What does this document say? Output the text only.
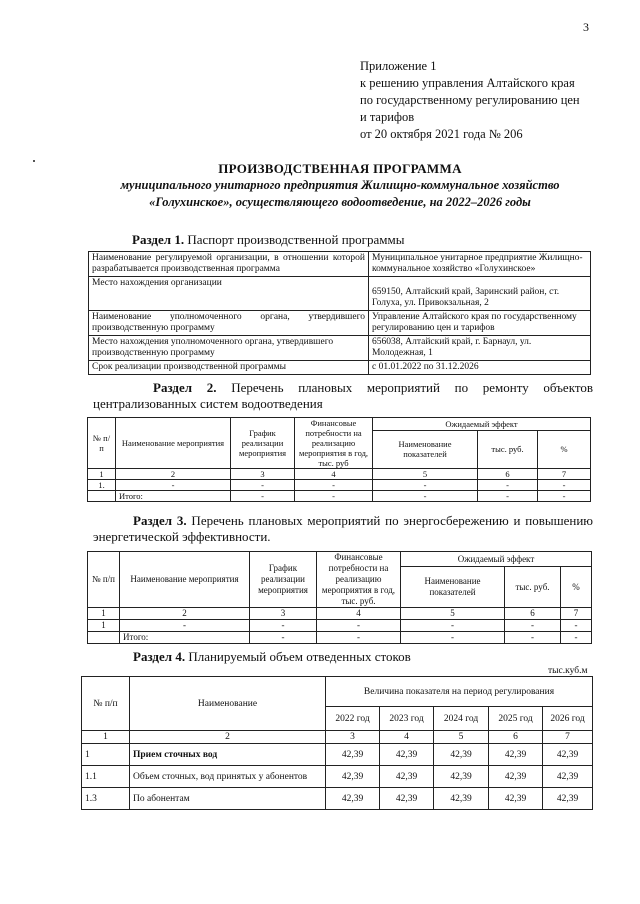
3
Приложение 1
к решению управления Алтайского края
по государственному регулированию цен
и тарифов
от 20 октября 2021 года № 206
ПРОИЗВОДСТВЕННАЯ ПРОГРАММА
муниципального унитарного предприятия Жилищно-коммунальное хозяйство
«Голухинское», осуществляющего водоотведение, на 2022–2026 годы
Раздел 1. Паспорт производственной программы
Наименование регулируемой организации, в отношении которой разрабатывается производственная программа	Муниципальное унитарное предприятие Жилищно-коммунальное хозяйство «Голухинское»
Место нахождения организации	659150, Алтайский край, Заринский район, ст. Голуха, ул. Привокзальная, 2
Наименование уполномоченного органа, утвердившего производственную программу	Управление Алтайского края по государственному регулированию цен и тарифов
Место нахождения уполномоченного органа, утвердившего производственную программу	656038, Алтайский край, г. Барнаул, ул. Молодежная, 1
Срок реализации производственной программы	с 01.01.2022 по 31.12.2026
Раздел 2. Перечень плановых мероприятий по ремонту объектов централизованных систем водоотведения
№ п/п	Наименование мероприятия	График реализации мероприятия	Финансовые потребности на реализацию мероприятия в год, тыс. руб	Ожидаемый эффект		
				Наименование показателей	тыс. руб.	%
1	2	3	4	5	6	7
1.	-	-	-	-	-	-
	Итого:	-	-	-	-	-
Раздел 3. Перечень плановых мероприятий по энергосбережению и повышению энергетической эффективности.
№ п/п	Наименование мероприятия	График реализации мероприятия	Финансовые потребности на реализацию мероприятия в год, тыс. руб.	Ожидаемый эффект		
				Наименование показателей	тыс. руб.	%
1	2	3	4	5	6	7
1	-	-	-	-	-	-
	Итого:	-	-	-	-	-
Раздел 4. Планируемый объем отведенных стоков
тыс.куб.м
№ п/п	Наименование	Величина показателя на период регулирования				
		2022 год	2023 год	2024 год	2025 год	2026 год
1	2	3	4	5	6	7
1	Прием сточных вод	42,39	42,39	42,39	42,39	42,39
1.1	Объем сточных, вод принятых у абонентов	42,39	42,39	42,39	42,39	42,39
1.3	По абонентам	42,39	42,39	42,39	42,39	42,39
